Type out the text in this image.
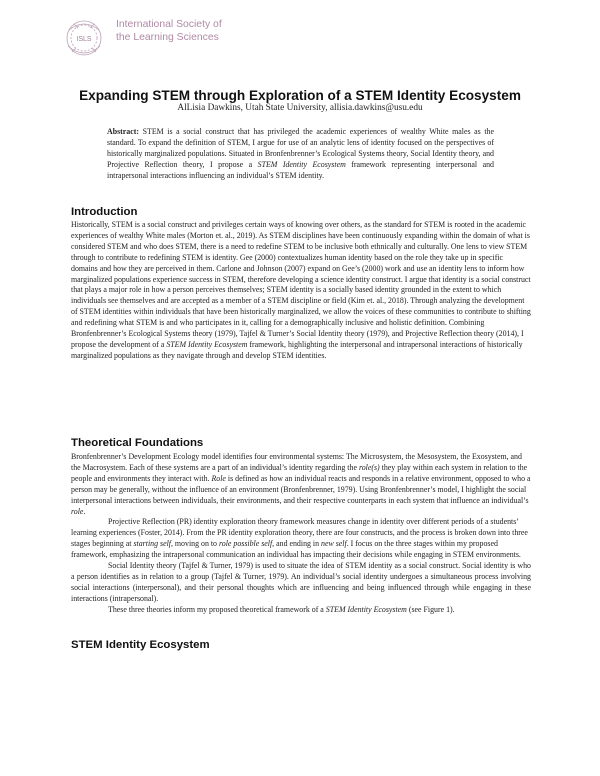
ISLS
International Society of
the Learning Sciences
Expanding STEM through Exploration of a STEM Identity Ecosystem
AlLisia Dawkins, Utah State University, allisia.dawkins@usu.edu
Abstract: STEM is a social construct that has privileged the academic experiences of wealthy White males as the standard. To expand the definition of STEM, I argue for use of an analytic lens of identity focused on the perspectives of historically marginalized populations. Situated in Bronfenbrenner’s Ecological Systems theory, Social Identity theory, and Projective Reflection theory, I propose a STEM Identity Ecosystem framework representing interpersonal and intrapersonal interactions influencing an individual’s STEM identity.
Introduction

Historically, STEM is a social construct and privileges certain ways of knowing over others, as the standard for STEM is rooted in the academic experiences of wealthy White males (Morton et. al., 2019). As STEM disciplines have been continuously expanding within the domain of what is considered STEM and who does STEM, there is a need to redefine STEM to be inclusive both ethnically and culturally. One lens to view STEM through to contribute to redefining STEM is identity. Gee (2000) contextualizes human identity based on the role they take up in specific domains and how they are perceived in them. Carlone and Johnson (2007) expand on Gee’s (2000) work and use an identity lens to inform how marginalized populations experience success in STEM, therefore developing a science identity construct. I argue that identity is a social construct that plays a major role in how a person perceives themselves; STEM identity is a socially based identity grounded in the extent to which individuals see themselves and are accepted as a member of a STEM discipline or field (Kim et. al., 2018). Through analyzing the development of STEM identities within individuals that have been historically marginalized, we allow the voices of these communities to contribute to shifting and redefining what STEM is and who participates in it, calling for a demographically inclusive and holistic definition. Combining Bronfenbrenner’s Ecological Systems theory (1979), Tajfel & Turner’s Social Identity theory (1979), and Projective Reflection theory (2014), I propose the development of a STEM Identity Ecosystem framework, highlighting the interpersonal and intrapersonal interactions of historically marginalized populations as they navigate through and develop STEM identities.

Theoretical Foundations

Bronfenbrenner’s Development Ecology model identifies four environmental systems: The Microsystem, the Mesosystem, the Exosystem, and the Macrosystem. Each of these systems are a part of an individual’s identity regarding the role(s) they play within each system in relation to the people and environments they interact with. Role is defined as how an individual reacts and responds in a relative environment, opposed to who a person may be generally, without the influence of an environment (Bronfenbrenner, 1979). Using Bronfenbrenner’s model, I highlight the social interpersonal interactions between individuals, their environments, and their respective counterparts in each system that influence an individual’s role.

Projective Reflection (PR) identity exploration theory framework measures change in identity over different periods of a students’ learning experiences (Foster, 2014). From the PR identity exploration theory, there are four constructs, and the process is broken down into three stages beginning at starting self, moving on to role possible self, and ending in new self. I focus on the three stages within my proposed framework, emphasizing the intrapersonal communication an individual has impacting their decisions while engaging in STEM environments.

Social Identity theory (Tajfel & Turner, 1979) is used to situate the idea of STEM identity as a social construct. Social identity is who a person identifies as in relation to a group (Tajfel & Turner, 1979). An individual’s social identity undergoes a simultaneous process involving social interactions (interpersonal), and their personal thoughts which are influencing and being influenced through while engaging in these interactions (intrapersonal).

These three theories inform my proposed theoretical framework of a STEM Identity Ecosystem (see Figure 1).

STEM Identity Ecosystem
